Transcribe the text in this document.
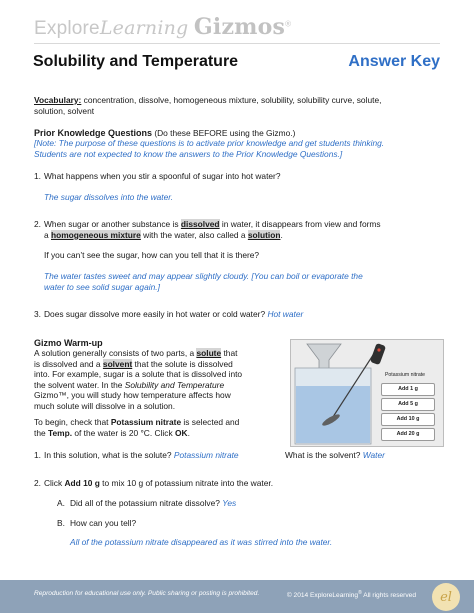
ExploreLearning Gizmos®
Solubility and Temperature	Answer Key
Vocabulary: concentration, dissolve, homogeneous mixture, solubility, solubility curve, solute,
solution, solvent
Prior Knowledge Questions (Do these BEFORE using the Gizmo.)
[Note: The purpose of these questions is to activate prior knowledge and get students thinking.
Students are not expected to know the answers to the Prior Knowledge Questions.]
1. What happens when you stir a spoonful of sugar into hot water?
The sugar dissolves into the water.
2. When sugar or another substance is dissolved in water, it disappears from view and forms
a homogeneous mixture with the water, also called a solution.
If you can’t see the sugar, how can you tell that it is there?
The water tastes sweet and may appear slightly cloudy. [You can boil or evaporate the
water to see solid sugar again.]
3. Does sugar dissolve more easily in hot water or cold water? Hot water
Gizmo Warm-up
A solution generally consists of two parts, a solute that
is dissolved and a solvent that the solute is dissolved
into. For example, sugar is a solute that is dissolved into
the solvent water. In the Solubility and Temperature
Gizmo™, you will study how temperature affects how
much solute will dissolve in a solution.
To begin, check that Potassium nitrate is selected and
the Temp. of the water is 20 °C. Click OK.
1. In this solution, what is the solute? Potassium nitrate	What is the solvent? Water
2. Click Add 10 g to mix 10 g of potassium nitrate into the water.
A. Did all of the potassium nitrate dissolve? Yes
B. How can you tell?
All of the potassium nitrate disappeared as it was stirred into the water.
Potassium nitrate
Add 1 g
Add 5 g
Add 10 g
Add 20 g
Reproduction for educational use only. Public sharing or posting is prohibited.	© 2014 ExploreLearning® All rights reserved	el
